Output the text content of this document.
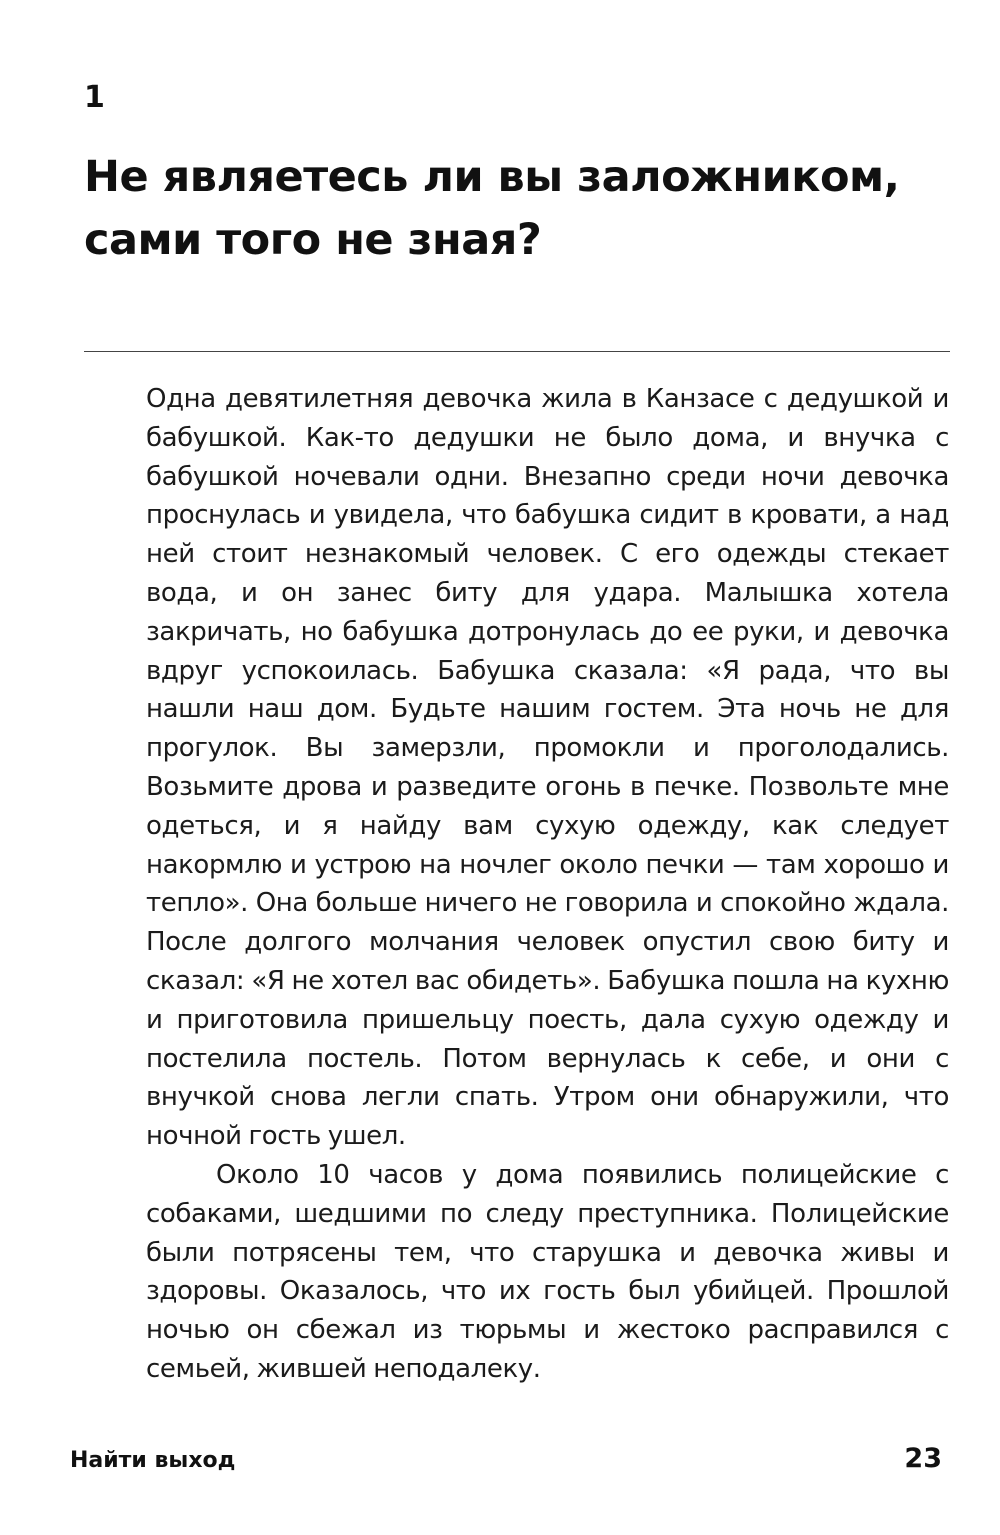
1
Не являетесь ли вы заложником, сами того не зная?

Одна девятилетняя девочка жила в Канзасе с дедушкой и бабушкой. Как-то дедушки не было дома, и внучка с бабушкой ночевали одни. Внезапно среди ночи девочка проснулась и увидела, что бабушка сидит в кровати, а над ней стоит незнакомый человек. С его одежды стекает вода, и он занес биту для удара. Малышка хотела закричать, но бабушка дотронулась до ее руки, и девочка вдруг успокоилась. Бабушка сказала: «Я рада, что вы нашли наш дом. Будьте нашим гостем. Эта ночь не для прогулок. Вы замерзли, промокли и проголодались. Возьмите дрова и разведите огонь в печке. Позвольте мне одеться, и я найду вам сухую одежду, как следует накормлю и устрою на ночлег около печки — там хорошо и тепло». Она больше ничего не говорила и спокойно ждала. После долгого молчания человек опустил свою биту и сказал: «Я не хотел вас обидеть». Бабушка пошла на кухню и приготовила пришельцу поесть, дала сухую одежду и постелила постель. Потом вернулась к себе, и они с внучкой снова легли спать. Утром они обнаружили, что ночной гость ушел.

Около 10 часов у дома появились полицейские с собаками, шедшими по следу преступника. Полицейские были потрясены тем, что старушка и девочка живы и здоровы. Оказалось, что их гость был убийцей. Прошлой ночью он сбежал из тюрьмы и жестоко расправился с семьей, жившей неподалеку.

Найти выход	23
